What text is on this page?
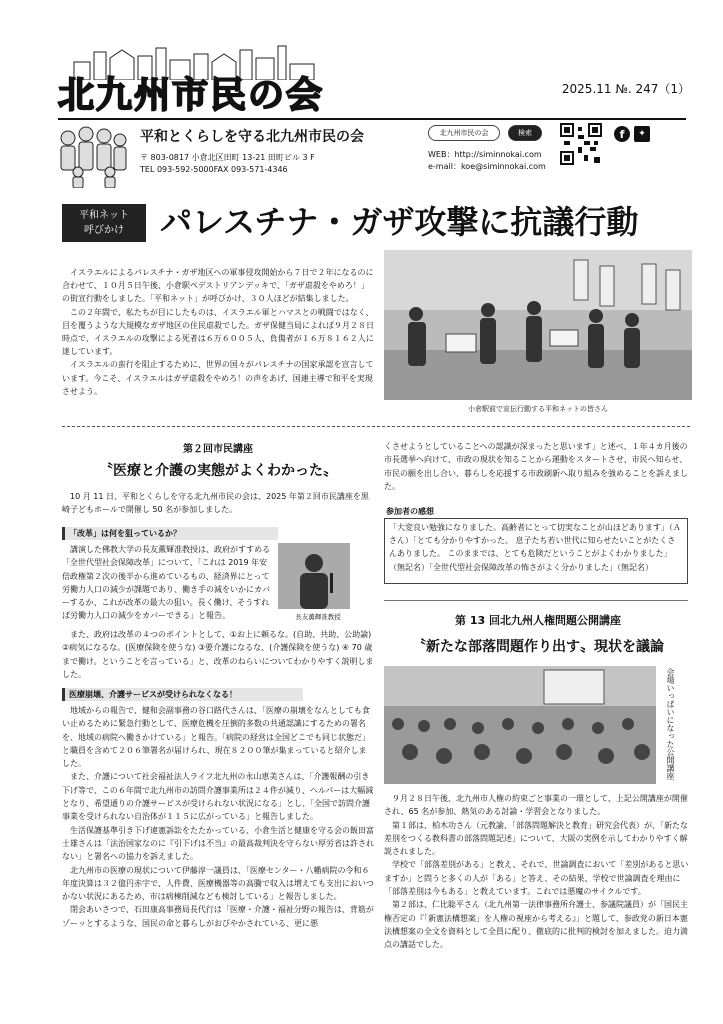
北九州市民の会	2025.11 №. 247（1）
平和とくらしを守る北九州市民の会
〒 803-0817 小倉北区田町 13-21 田町ビル 3 F
TEL 093-592-5000FAX 093-571-4346
北九州市民の会	検索
WEB：http://siminnokai.com
e-mail：koe@siminnokai.com
f	✦
平和ネット
呼びかけ	パレスチナ・ガザ攻撃に抗議行動

イスラエルによるパレスチナ・ガザ地区への軍事侵攻開始から７日で２年になるのに合わせて、１０月５日午後、小倉駅ペデストリアンデッキで、「ガザ虐殺をやめろ！」の街宣行動をしました。「平和ネット」が呼びかけ、３０人ほどが結集しました。

この２年間で、私たちが目にしたものは、イスラエル軍とハマスとの戦闘ではなく、目を覆うような大規模なガザ地区の住民虐殺でした。ガザ保健当局によれば９月２８日時点で、イスラエルの攻撃による死者は６万６００５人、負傷者が１６万８１６２人に達しています。

イスラエルの蛮行を阻止するために、世界の国々がパレスチナの国家承認を宣言しています。今こそ、イスラエルはガザ虐殺をやめろ！の声をあげ、国連主導で和平を実現させよう。

小倉駅前で宣伝行動する平和ネットの皆さん
第２回市民講座
〝医療と介護の実態がよくわかった〟

10 月 11 日、平和とくらしを守る北九州市民の会は、2025 年第２回市民講座を黒崎子どもホールで開催し 50 名が参加しました。

「改革」は何を狙っているか？

講演した佛教大学の長友薫輝准教授は、政府がすすめる「全世代型社会保障改革」について、「これは 2019 年安倍政権第２次の後半から進めているもの、経済界にとって労働力人口の減少が課題であり、働き手の減をいかにカバーするか、これが改革の最大の狙い。長く働け、そうすれば労働力人口の減少をカバーできる」と報告。	長友薫輝准教授

また、政府は改革の４つのポイントとして、①お上に頼るな。(自助、共助、公助論) ②病気になるな。(医療保険を使うな) ③要介護になるな、(介護保険を使うな) ④ 70 歳まで働け。ということを言っている」と、改革のねらいについてわかりやすく説明しました。

医療崩壊、介護サービスが受けられなくなる！

地域からの報告で、健和会副事務の谷口路代さんは、「医療の崩壊をなんとしても食い止めるために緊急行動として、医療危機を圧倒的多数の共通認識にするための署名を、地域の病院へ働きかけている」と報告。「病院の経営は全国どこでも同じ状態だ」と職員を含めて２０６筆署名が届けられ、現在８２００筆が集まっていると紹介しました。

また、介護について社会福祉法人ライフ北九州の永山恵美さんは、「介護報酬の引き下げ等で、この６年間で北九州市の訪問介護事業所は２４件が減り、ヘルパーは大幅減となり、希望通りの介護サービスが受けられない状況になる」とし、「全国で訪問介護事業を受けられない自治体が１１５に広がっている」と報告しました。

生活保護基準引き下げ違憲訴訟をたたかっている、小倉生活と健康を守る会の飯田富士雄さんは「法治国家なのに『引下げは不当』の最高裁判決を守らない厚労省は許されない」と署名への協力を訴えました。

北九州市の医療の現状について伊藤淳一議員は、「医療センター・八幡病院の令和６年度決算は３２億円赤字で、人件費、医療機器等の高騰で収入は増えても支出においつかない状況にあるため、市は病棟削減なども検討している」と報告しました。

閉会あいさつで、石田康高事務局長代行は「医療・介護・福祉分野の報告は、背筋がゾーッとするような、国民の命と暮らしがおびやかされている、更に悪

くさせようとしていることへの認識が深まったと思います」と述べ、１年４カ月後の市長選挙へ向けて、市政の現状を知ることから運動をスタートさせ、市民へ知らせ、市民の願を出し合い、暮らしを応援する市政刷新へ取り組みを強めることを訴えました。

参加者の感想
「大変良い勉強になりました。高齢者にとって切実なことが山ほどあります」（Ａさん）「とても分かりやすかった。 息子たち若い世代に知らせたいことがたくさんありました。 このままでは、とても危険だということがよくわかりました」（無記名）「全世代型社会保障改革の怖さがよく分かりました」（無記名）
第 13 回北九州人権問題公開講座
〝新たな部落問題作り出す〟現状を議論
会場いっぱいになった公開講座

９月２８日午後、北九州市人権の約束ごと事業の一環として、上記公開講座が開催され、65 名が参加、熱気のある討論・学習会となりました。

第１部は、柏木功さん（元教諭、「部落問題解決と教育」研究会代表）が、「新たな差別をつくる教科書の部落問題記述」について、大阪の実例を示してわかりやすく解説されました。

学校で「部落差別がある」と教え、それで、世論調査において「差別があると思いますか」と問うと多くの人が「ある」と答え、その結果、学校で世論調査を理由に「部落差別は今もある」と教えています。これでは悪魔のサイクルです。

第２部は、仁比聡平さん（北九州第一法律事務所弁護士、参議院議員）が「国民主権否定の『「新憲法構想案」を人権の視座から考える』」と題して、参政党の新日本憲法構想案の全文を資料として全員に配り、徹底的に批判的検討を加えました。迫力満点の講話でした。
